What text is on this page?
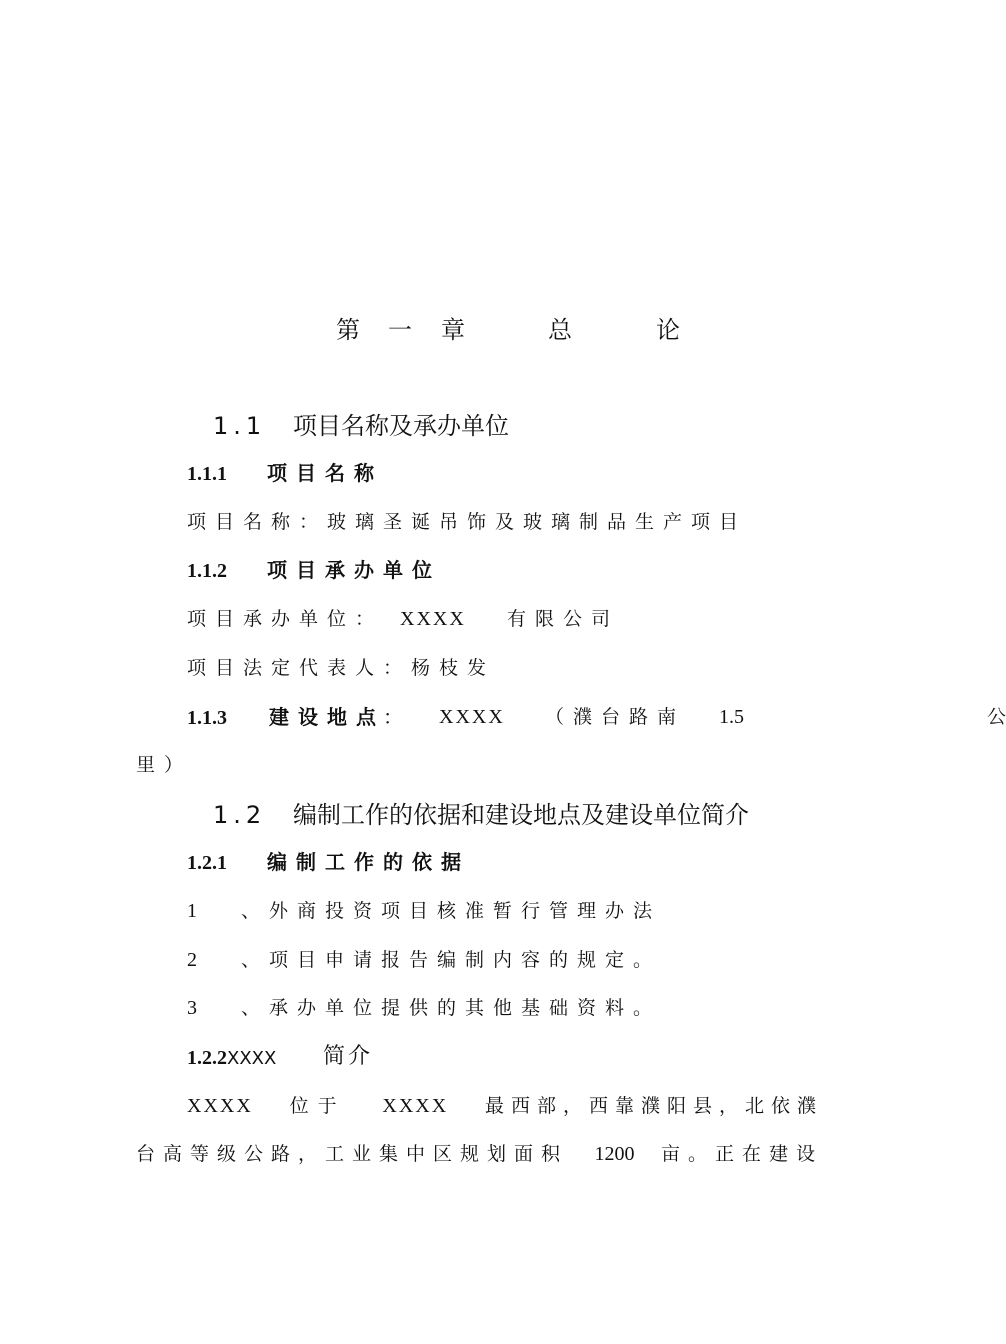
第 一 章	总	论
1.1 项目名称及承办单位
1.1.1 项目名称
项目名称：玻璃圣诞吊饰及玻璃制品生产项目
1.1.2 项目承办单位
项目承办单位： XXXX 有限公司
项目法定代表人：杨枝发
1.1.3 建设地点
： XXXX （濮台路南 1.5	公
里）
1.2 编制工作的依据和建设地点及建设单位简介
1.2.1 编制工作的依据
1 、外商投资项目核准暂行管理办法
2 、项目申请报告编制内容的规定。
3 、承办单位提供的其他基础资料。
1.2.2XXXX 简介
XXXX 位于 XXXX 最西部，西靠濮阳县，北依濮
台高等级公路，工业集中区规划面积 1200 亩。正在建设
